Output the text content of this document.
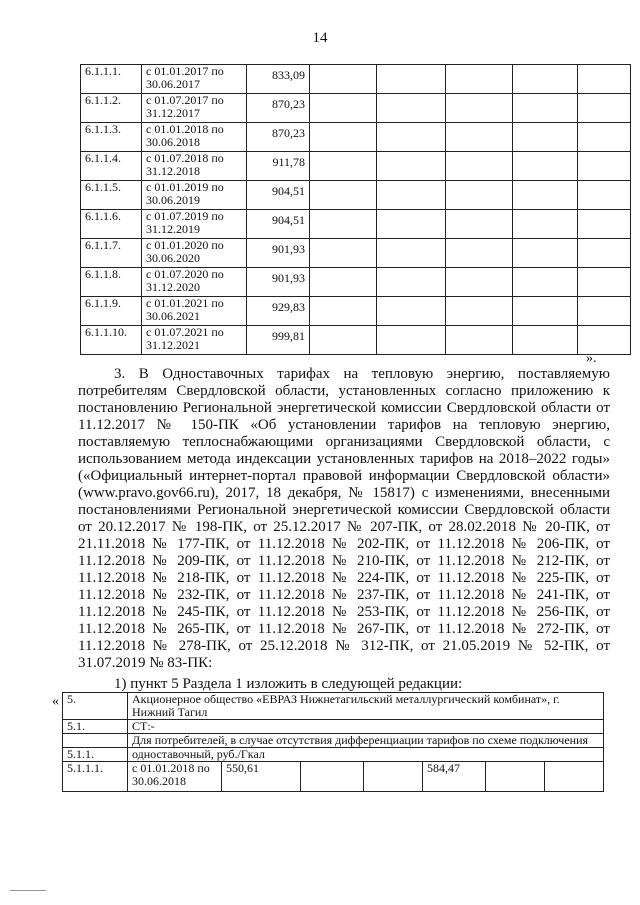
14
6.1.1.1.	с 01.01.2017 по 30.06.2017	833,09					
6.1.1.2.	с 01.07.2017 по 31.12.2017	870,23					
6.1.1.3.	с 01.01.2018 по 30.06.2018	870,23					
6.1.1.4.	с 01.07.2018 по 31.12.2018	911,78					
6.1.1.5.	с 01.01.2019 по 30.06.2019	904,51					
6.1.1.6.	с 01.07.2019 по 31.12.2019	904,51					
6.1.1.7.	с 01.01.2020 по 30.06.2020	901,93					
6.1.1.8.	с 01.07.2020 по 31.12.2020	901,93					
6.1.1.9.	с 01.01.2021 по 30.06.2021	929,83					
6.1.1.10.	с 01.07.2021 по 31.12.2021	999,81					
».
3. В Одноставочных тарифах на тепловую энергию, поставляемую потребителям Свердловской области, установленных согласно приложению к постановлению Региональной энергетической комиссии Свердловской области от 11.12.2017 № 150-ПК «Об установлении тарифов на тепловую энергию, поставляемую теплоснабжающими организациями Свердловской области, с использованием метода индексации установленных тарифов на 2018–2022 годы» («Официальный интернет-портал правовой информации Свердловской области» (www.pravo.gov66.ru), 2017, 18 декабря, № 15817) с изменениями, внесенными постановлениями Региональной энергетической комиссии Свердловской области от 20.12.2017 № 198-ПК, от 25.12.2017 № 207-ПК, от 28.02.2018 № 20-ПК, от 21.11.2018 № 177-ПК, от 11.12.2018 № 202-ПК, от 11.12.2018 № 206-ПК, от 11.12.2018 № 209-ПК, от 11.12.2018 № 210-ПК, от 11.12.2018 № 212-ПК, от 11.12.2018 № 218-ПК, от 11.12.2018 № 224-ПК, от 11.12.2018 № 225-ПК, от 11.12.2018 № 232-ПК, от 11.12.2018 № 237-ПК, от 11.12.2018 № 241-ПК, от 11.12.2018 № 245-ПК, от 11.12.2018 № 253-ПК, от 11.12.2018 № 256-ПК, от 11.12.2018 № 265-ПК, от 11.12.2018 № 267-ПК, от 11.12.2018 № 272-ПК, от 11.12.2018 № 278-ПК, от 25.12.2018 № 312-ПК, от 21.05.2019 № 52-ПК, от 31.07.2019 № 83-ПК:
1) пункт 5 Раздела 1 изложить в следующей редакции:
« 5.	Акционерное общество «ЕВРАЗ Нижнетагильский металлургический комбинат», г. Нижний Тагил						
5.1.	СТ:-						
	Для потребителей, в случае отсутствия дифференциации тарифов по схеме подключения						
5.1.1.	одноставочный, руб./Гкал						
5.1.1.1.	с 01.01.2018 по 30.06.2018	550,61			584,47		
